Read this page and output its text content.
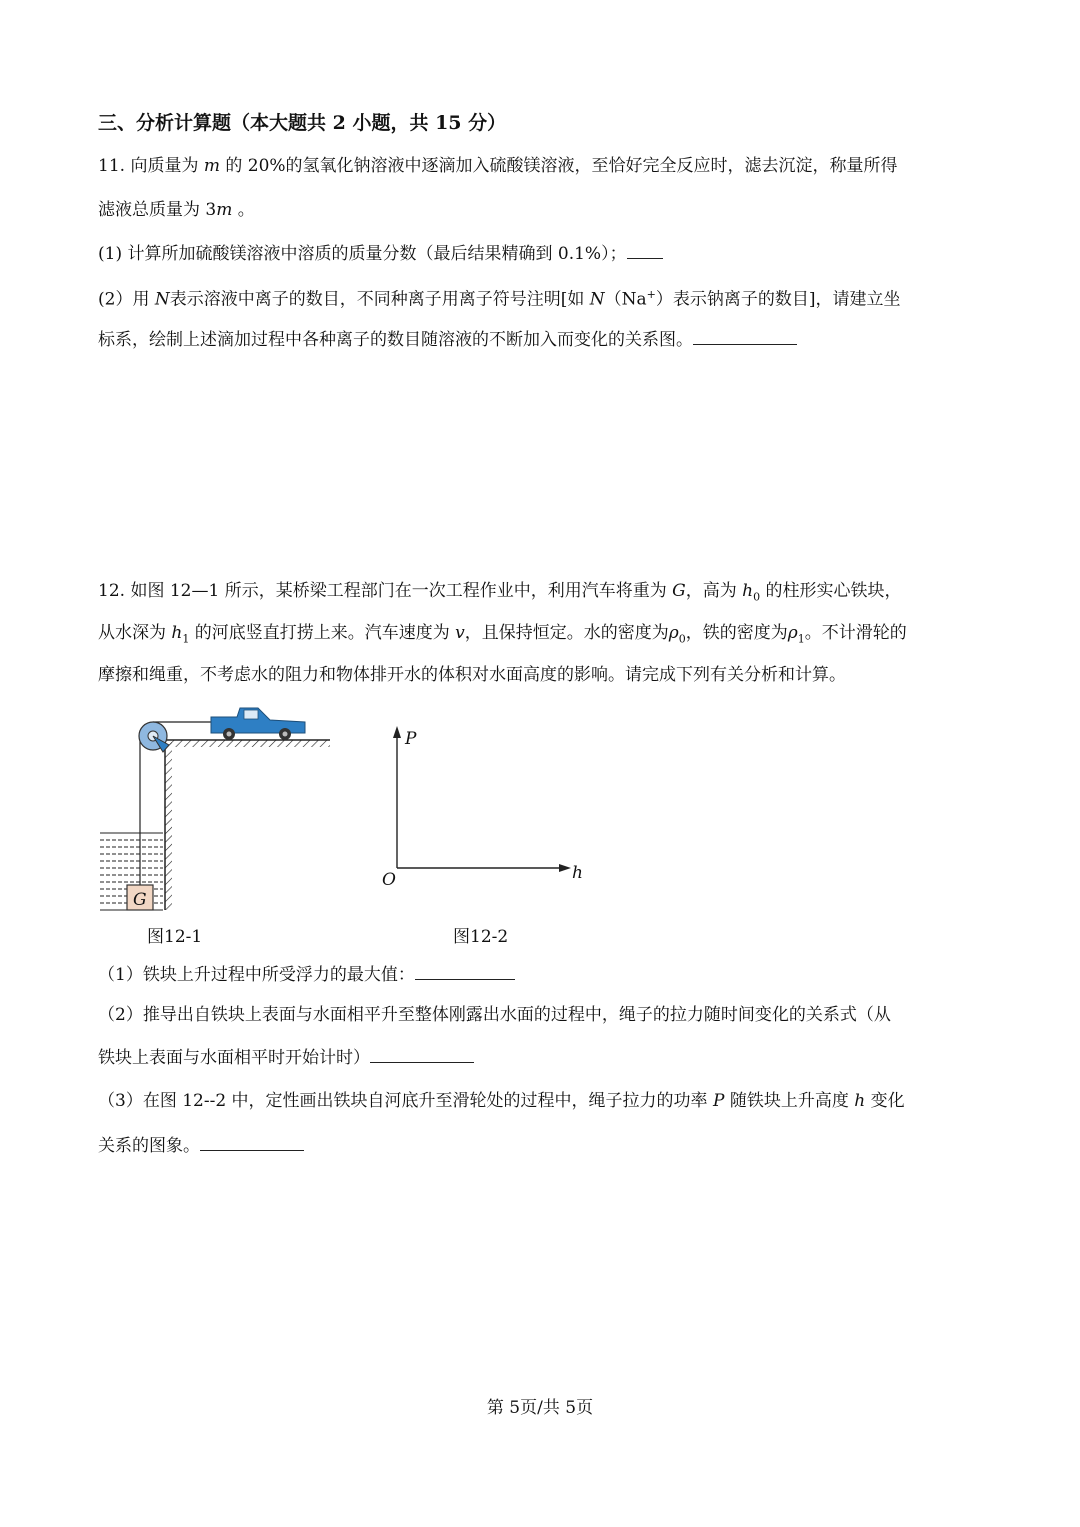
三、分析计算题（本大题共 2 小题，共 15 分）
11. 向质量为 m 的 20%的氢氧化钠溶液中逐滴加入硫酸镁溶液，至恰好完全反应时，滤去沉淀，称量所得
滤液总质量为 3m 。
(1) 计算所加硫酸镁溶液中溶质的质量分数（最后结果精确到 0.1%）；
(2）用 N表示溶液中离子的数目，不同种离子用离子符号注明[如 N（Na+）表示钠离子的数目]，请建立坐
标系，绘制上述滴加过程中各种离子的数目随溶液的不断加入而变化的关系图。
12. 如图 12—1 所示，某桥梁工程部门在一次工程作业中，利用汽车将重为 G，高为 $h_0$ 的柱形实心铁块，
从水深为 $h_1$ 的河底竖直打捞上来。汽车速度为 v，且保持恒定。水的密度为$\rho_0$，铁的密度为$\rho_1$。不计滑轮的
摩擦和绳重，不考虑水的阻力和物体排开水的体积对水面高度的影响。请完成下列有关分析和计算。
G
图12-1
P
h
O
图12-2
（1）铁块上升过程中所受浮力的最大值：
（2）推导出自铁块上表面与水面相平升至整体刚露出水面的过程中，绳子的拉力随时间变化的关系式（从
铁块上表面与水面相平时开始计时）
（3）在图 12--2 中，定性画出铁块自河底升至滑轮处的过程中，绳子拉力的功率 P 随铁块上升高度 h 变化
关系的图象。
第 5页/共 5页
